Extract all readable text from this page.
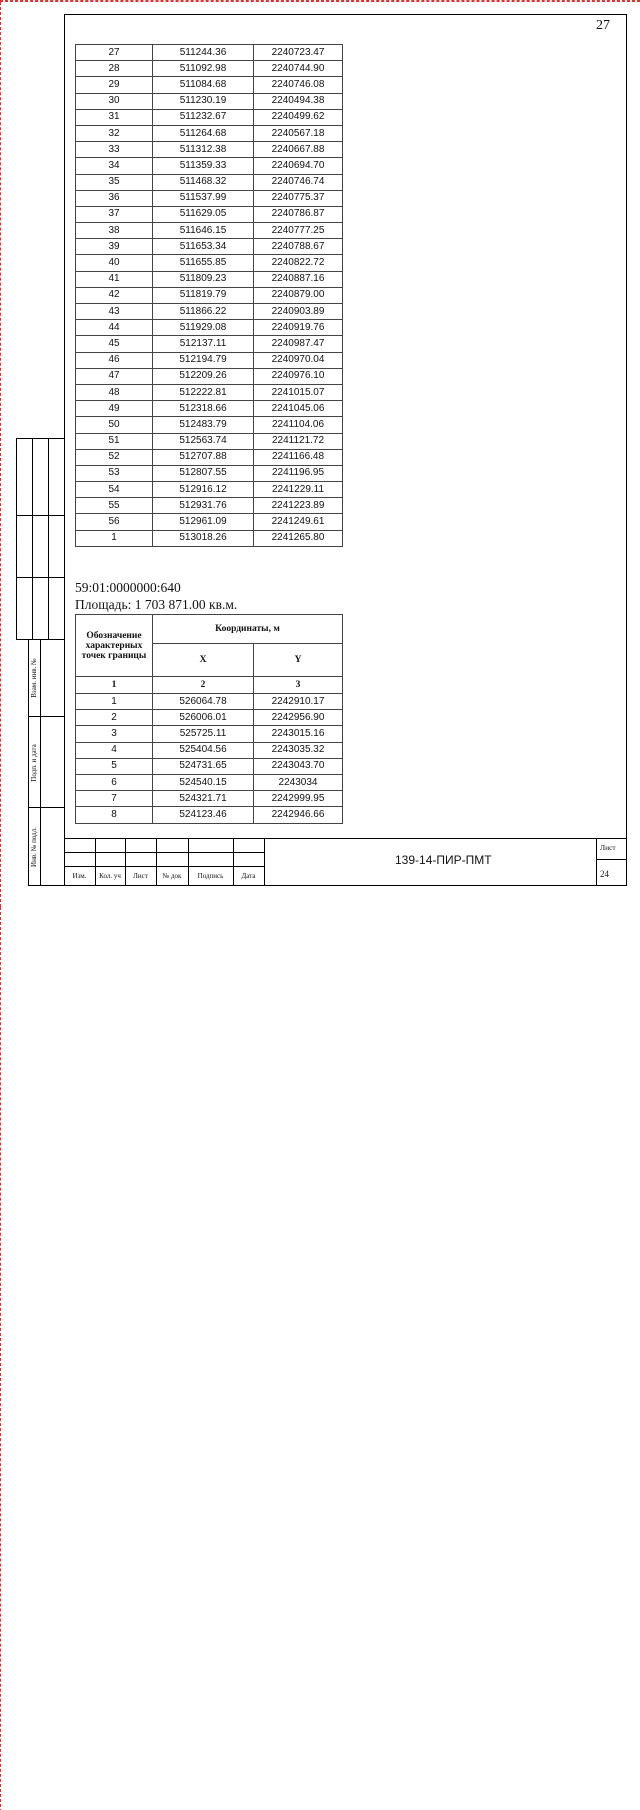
27
27	511244.36	2240723.47
28	511092.98	2240744.90
29	511084.68	2240746.08
30	511230.19	2240494.38
31	511232.67	2240499.62
32	511264.68	2240567.18
33	511312.38	2240667.88
34	511359.33	2240694.70
35	511468.32	2240746.74
36	511537.99	2240775.37
37	511629.05	2240786.87
38	511646.15	2240777.25
39	511653.34	2240788.67
40	511655.85	2240822.72
41	511809.23	2240887.16
42	511819.79	2240879.00
43	511866.22	2240903.89
44	511929.08	2240919.76
45	512137.11	2240987.47
46	512194.79	2240970.04
47	512209.26	2240976.10
48	512222.81	2241015.07
49	512318.66	2241045.06
50	512483.79	2241104.06
51	512563.74	2241121.72
52	512707.88	2241166.48
53	512807.55	2241196.95
54	512916.12	2241229.11
55	512931.76	2241223.89
56	512961.09	2241249.61
1	513018.26	2241265.80
59:01:0000000:640
Площадь: 1 703 871.00 кв.м.
Обозначение характерных точек границы	Координаты, м	
	X	Y
1	2	3
1	526064.78	2242910.17
2	526006.01	2242956.90
3	525725.11	2243015.16
4	525404.56	2243035.32
5	524731.65	2243043.70
6	524540.15	2243034
7	524321.71	2242999.95
8	524123.46	2242946.66
Взам. инв. №
Подп. и дата
Инв. № подл.
Изм.	Кол. уч	Лист	№ док	Подпись	Дата
139-14-ПИР-ПМТ
Лист
24
